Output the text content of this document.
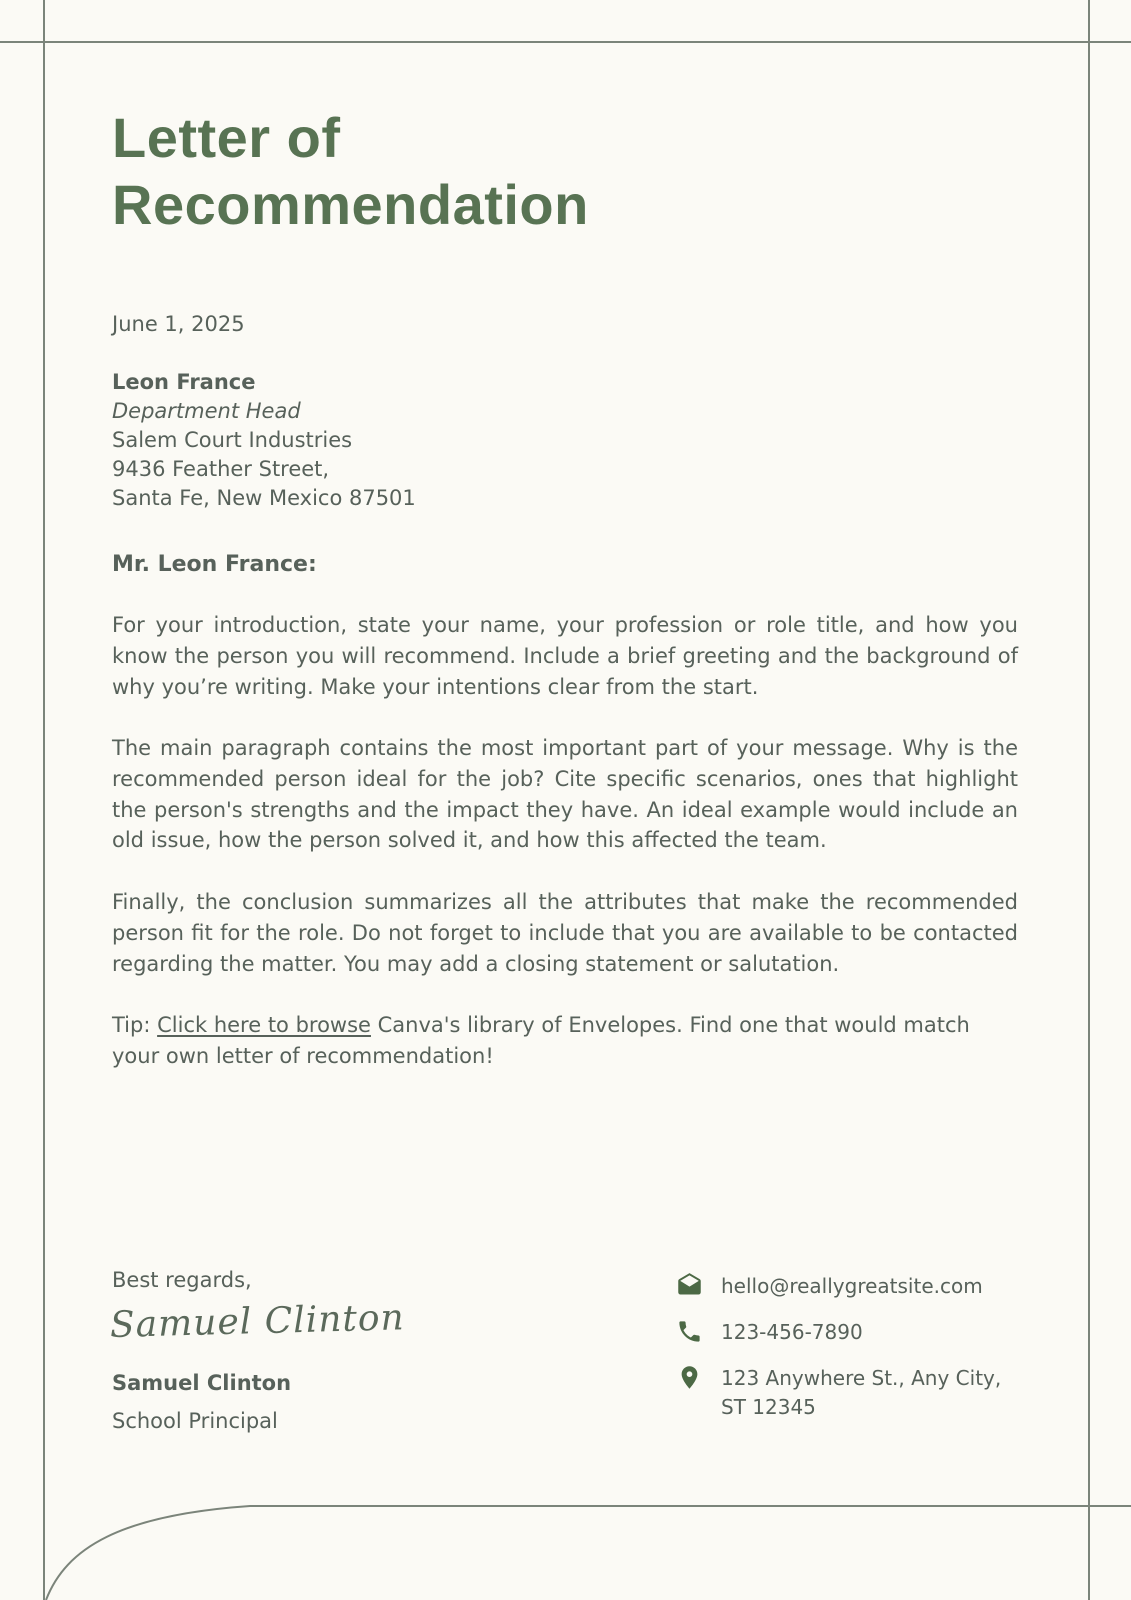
Letter of Recommendation
June 1, 2025
Leon France
Department Head
Salem Court Industries
9436 Feather Street,
Santa Fe, New Mexico 87501
Mr. Leon France:

For your introduction, state your name, your profession or role title, and how you know the person you will recommend. Include a brief greeting and the background of why you’re writing. Make your intentions clear from the start.

The main paragraph contains the most important part of your message. Why is the recommended person ideal for the job? Cite specific scenarios, ones that highlight the person's strengths and the impact they have. An ideal example would include an old issue, how the person solved it, and how this affected the team.

Finally, the conclusion summarizes all the attributes that make the recommended person fit for the role. Do not forget to include that you are available to be contacted regarding the matter. You may add a closing statement or salutation.

Tip: Click here to browse Canva's library of Envelopes. Find one that would match your own letter of recommendation!

Best regards,
Samuel Clinton
Samuel Clinton
School Principal
hello@reallygreatsite.com
123-456-7890
123 Anywhere St., Any City,
ST 12345
